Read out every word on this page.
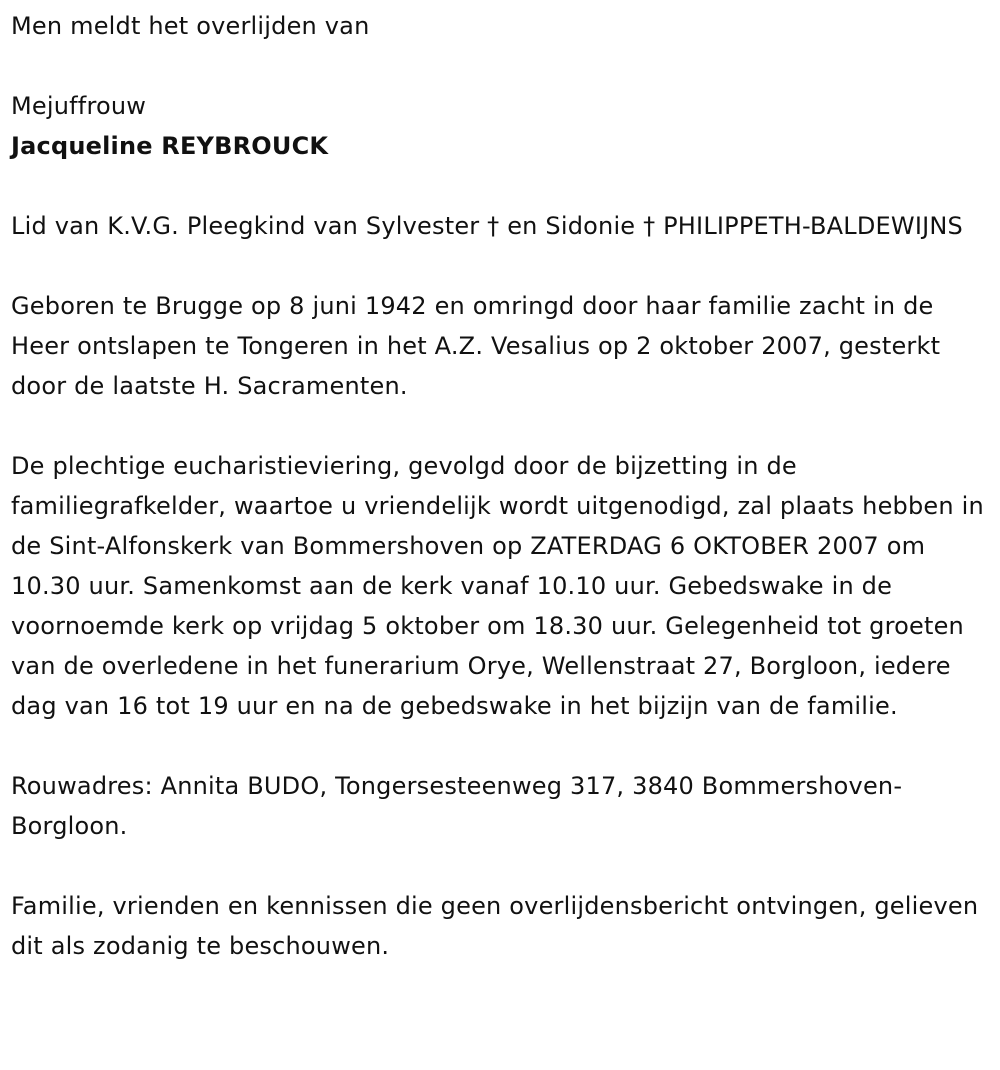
Men meldt het overlijden van

Mejuffrouw

Jacqueline REYBROUCK

Lid van K.V.G. Pleegkind van Sylvester † en Sidonie † PHILIPPETH-BALDEWIJNS

Geboren te Brugge op 8 juni 1942 en omringd door haar familie zacht in de Heer ontslapen te Tongeren in het A.Z. Vesalius op 2 oktober 2007, gesterkt door de laatste H. Sacramenten.

De plechtige eucharistieviering, gevolgd door de bijzetting in de familiegrafkelder, waartoe u vriendelijk wordt uitgenodigd, zal plaats hebben in de Sint-Alfonskerk van Bommershoven op ZATERDAG 6 OKTOBER 2007 om 10.30 uur. Samenkomst aan de kerk vanaf 10.10 uur. Gebedswake in de voornoemde kerk op vrijdag 5 oktober om 18.30 uur. Gelegenheid tot groeten van de overledene in het funerarium Orye, Wellenstraat 27, Borgloon, iedere dag van 16 tot 19 uur en na de gebedswake in het bijzijn van de familie.

Rouwadres: Annita BUDO, Tongersesteenweg 317, 3840 Bommershoven-Borgloon.

Familie, vrienden en kennissen die geen overlijdensbericht ontvingen, gelieven dit als zodanig te beschouwen.
